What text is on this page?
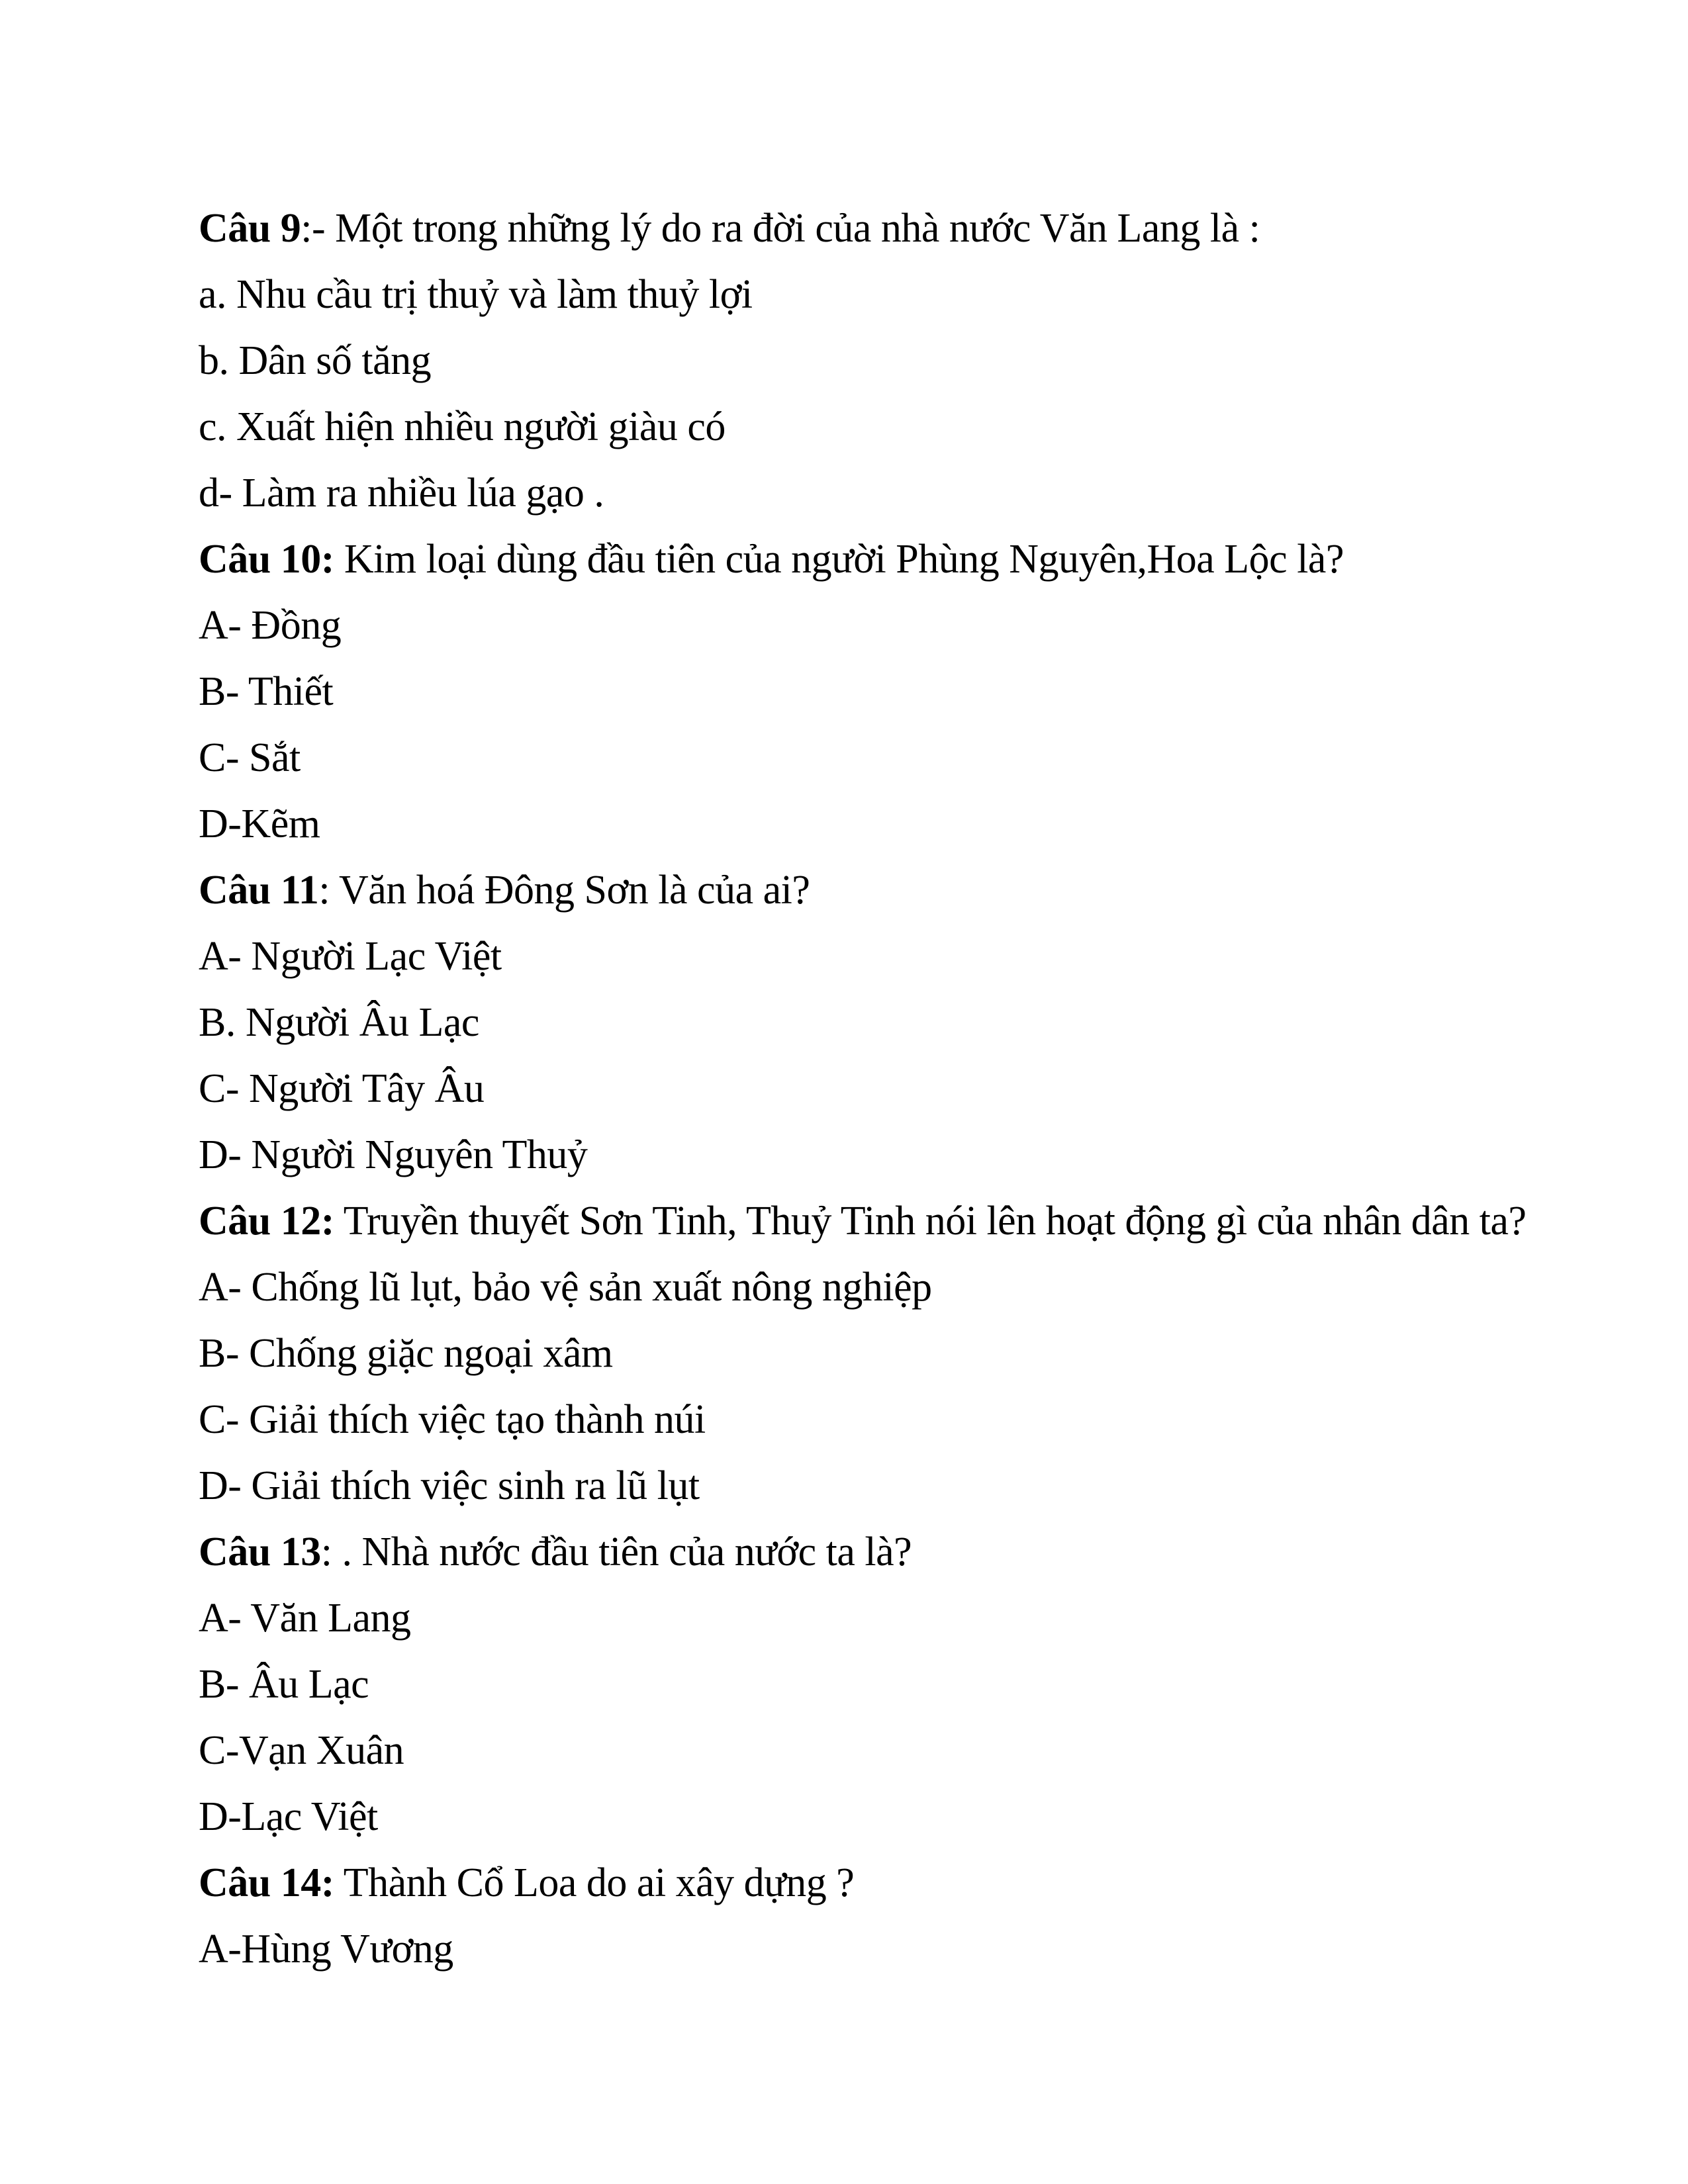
Câu 9:- Một trong những lý do ra đời của nhà nước Văn Lang là :

a. Nhu cầu trị thuỷ và làm thuỷ lợi

b. Dân số tăng

c. Xuất hiện nhiều người giàu có

d- Làm ra nhiều lúa gạo .

Câu 10: Kim loại dùng đầu tiên của người Phùng Nguyên,Hoa Lộc là?

A- Đồng

B- Thiết

C- Sắt

D-Kẽm

Câu 11: Văn hoá Đông Sơn là của ai?

A- Người Lạc Việt

B. Người Âu Lạc

C- Người Tây Âu

D- Người Nguyên Thuỷ

Câu 12: Truyền thuyết Sơn Tinh, Thuỷ Tinh nói lên hoạt động gì của nhân dân ta?

A- Chống lũ lụt, bảo vệ sản xuất nông nghiệp

B- Chống giặc ngoại xâm

C- Giải thích việc tạo thành núi

D- Giải thích việc sinh ra lũ lụt

Câu 13: . Nhà nước đầu tiên của nước ta là?

A- Văn Lang

B- Âu Lạc

C-Vạn Xuân

D-Lạc Việt

Câu 14: Thành Cổ Loa do ai xây dựng ?

A-Hùng Vương
